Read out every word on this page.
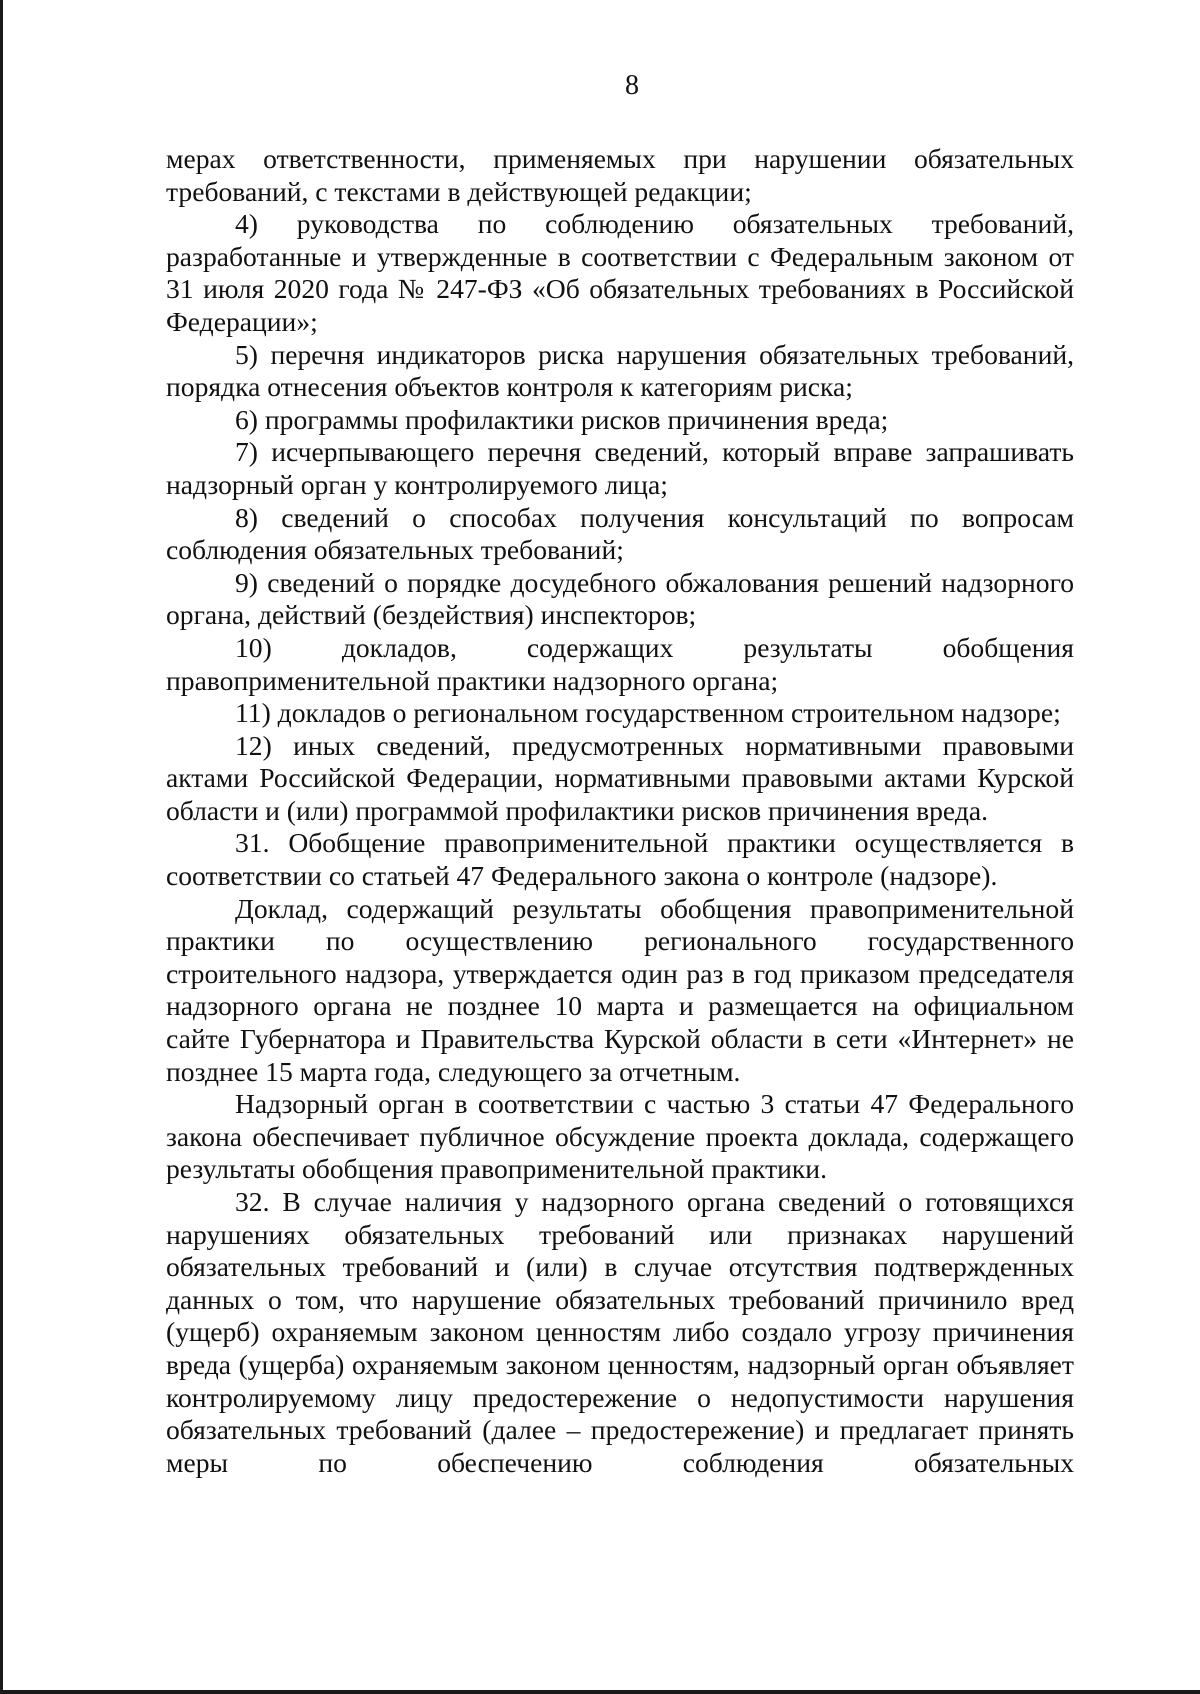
8

мерах ответственности, применяемых при нарушении обязательных требований, с текстами в действующей редакции;

4) руководства по соблюдению обязательных требований, разработанные и утвержденные в соответствии с Федеральным законом от 31 июля 2020 года № 247-ФЗ «Об обязательных требованиях в Российской Федерации»;

5) перечня индикаторов риска нарушения обязательных требований, порядка отнесения объектов контроля к категориям риска;

6) программы профилактики рисков причинения вреда;

7) исчерпывающего перечня сведений, который вправе запрашивать надзорный орган у контролируемого лица;

8) сведений о способах получения консультаций по вопросам соблюдения обязательных требований;

9) сведений о порядке досудебного обжалования решений надзорного органа, действий (бездействия) инспекторов;

10) докладов, содержащих результаты обобщения правоприменительной практики надзорного органа;

11) докладов о региональном государственном строительном надзоре;

12) иных сведений, предусмотренных нормативными правовыми актами Российской Федерации, нормативными правовыми актами Курской области и (или) программой профилактики рисков причинения вреда.

31. Обобщение правоприменительной практики осуществляется в соответствии со статьей 47 Федерального закона о контроле (надзоре).

Доклад, содержащий результаты обобщения правоприменительной практики по осуществлению регионального государственного строительного надзора, утверждается один раз в год приказом председателя надзорного органа не позднее 10 марта и размещается на официальном сайте Губернатора и Правительства Курской области в сети «Интернет» не позднее 15 марта года, следующего за отчетным.

Надзорный орган в соответствии с частью 3 статьи 47 Федерального закона обеспечивает публичное обсуждение проекта доклада, содержащего результаты обобщения правоприменительной практики.

32. В случае наличия у надзорного органа сведений о готовящихся нарушениях обязательных требований или признаках нарушений обязательных требований и (или) в случае отсутствия подтвержденных данных о том, что нарушение обязательных требований причинило вред (ущерб) охраняемым законом ценностям либо создало угрозу причинения вреда (ущерба) охраняемым законом ценностям, надзорный орган объявляет контролируемому лицу предостережение о недопустимости нарушения обязательных требований (далее – предостережение) и предлагает принять меры по обеспечению соблюдения обязательных
